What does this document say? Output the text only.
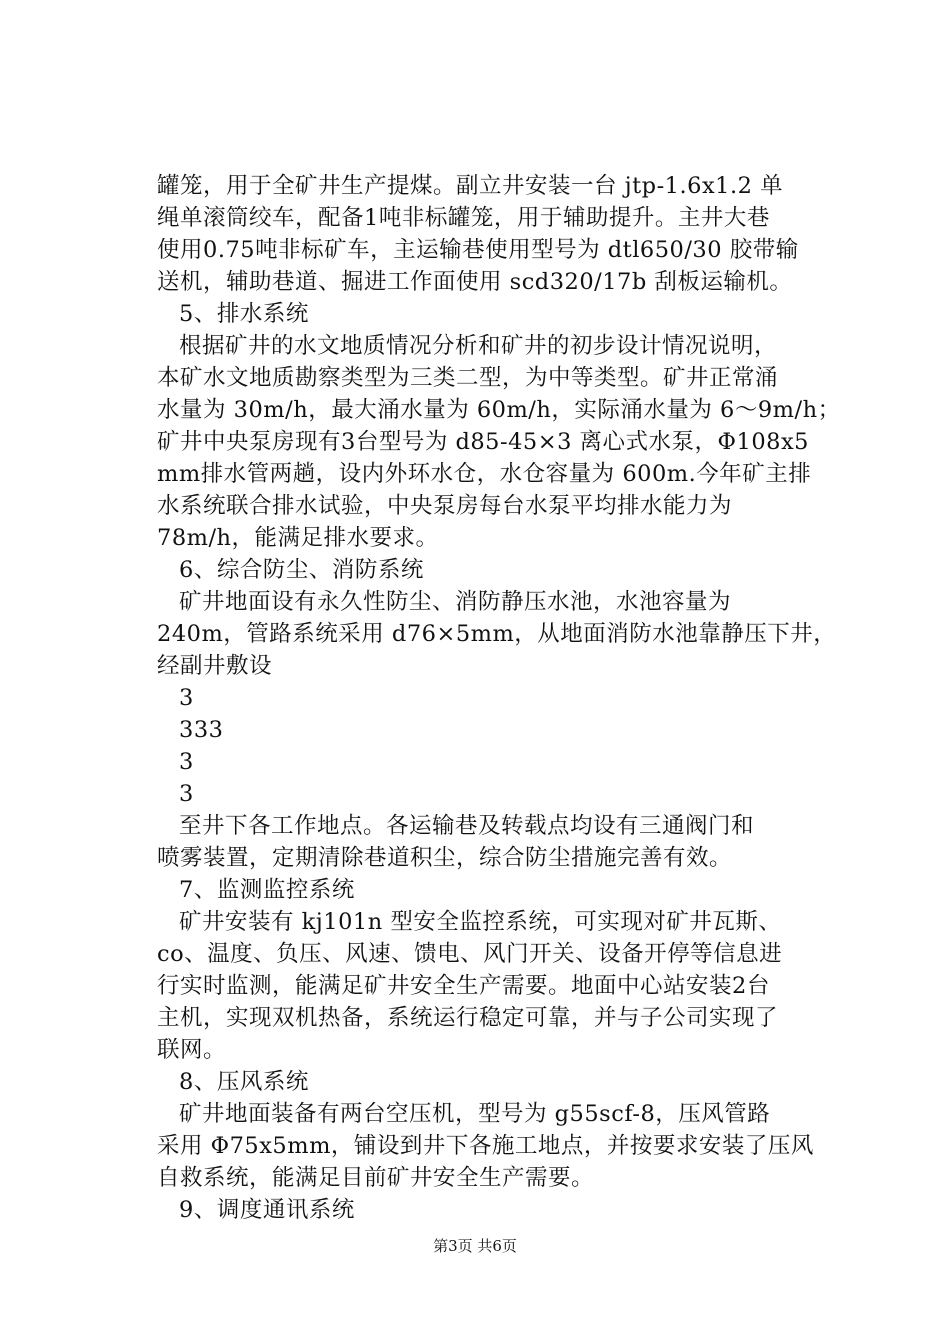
罐笼，用于全矿井生产提煤。副立井安装一台 jtp-1.6x1.2 单
绳单滚筒绞车，配备1吨非标罐笼，用于辅助提升。主井大巷
使用0.75吨非标矿车，主运输巷使用型号为 dtl650/30 胶带输
送机，辅助巷道、掘进工作面使用 scd320/17b 刮板运输机。
5、排水系统
根据矿井的水文地质情况分析和矿井的初步设计情况说明，
本矿水文地质勘察类型为三类二型，为中等类型。矿井正常涌
水量为 30m/h，最大涌水量为 60m/h，实际涌水量为 6～9m/h；
矿井中央泵房现有3台型号为 d85-45×3 离心式水泵，Φ108x5
mm排水管两趟，设内外环水仓，水仓容量为 600m.今年矿主排
水系统联合排水试验，中央泵房每台水泵平均排水能力为
78m/h，能满足排水要求。
6、综合防尘、消防系统
矿井地面设有永久性防尘、消防静压水池，水池容量为
240m，管路系统采用 d76×5mm，从地面消防水池靠静压下井，
经副井敷设
3
333
3
3
至井下各工作地点。各运输巷及转载点均设有三通阀门和
喷雾装置，定期清除巷道积尘，综合防尘措施完善有效。
7、监测监控系统
矿井安装有 kj101n 型安全监控系统，可实现对矿井瓦斯、
co、温度、负压、风速、馈电、风门开关、设备开停等信息进
行实时监测，能满足矿井安全生产需要。地面中心站安装2台
主机，实现双机热备，系统运行稳定可靠，并与子公司实现了
联网。
8、压风系统
矿井地面装备有两台空压机，型号为 g55scf-8，压风管路
采用 Φ75x5mm，铺设到井下各施工地点，并按要求安装了压风
自救系统，能满足目前矿井安全生产需要。
9、调度通讯系统
第3页 共6页
